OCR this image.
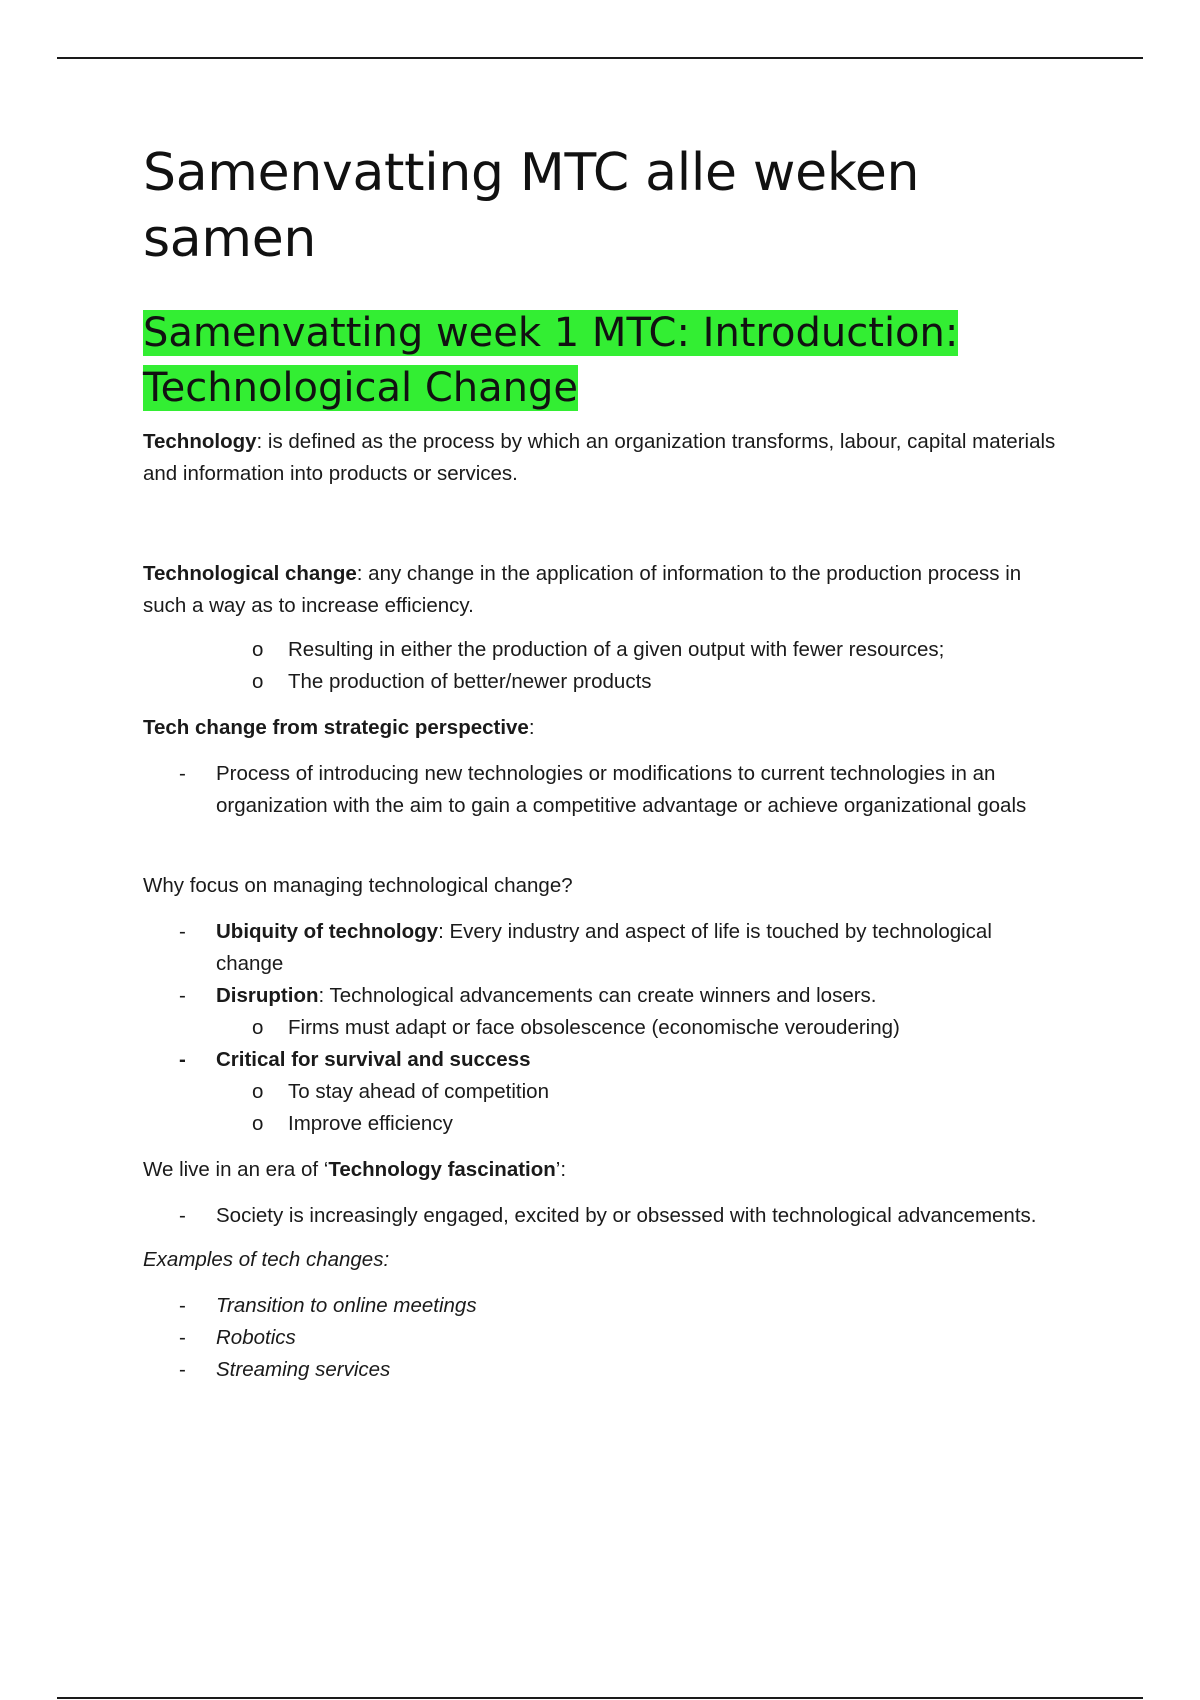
Samenvatting MTC alle weken samen
Samenvatting week 1 MTC: Introduction: Technological Change

Technology: is defined as the process by which an organization transforms, labour, capital materials and information into products or services.

Technological change: any change in the application of information to the production process in such a way as to increase efficiency.

o Resulting in either the production of a given output with fewer resources;
o The production of better/newer products

Tech change from strategic perspective:

- Process of introducing new technologies or modifications to current technologies in an organization with the aim to gain a competitive advantage or achieve organizational goals

Why focus on managing technological change?

- Ubiquity of technology: Every industry and aspect of life is touched by technological change
- Disruption: Technological advancements can create winners and losers.
o Firms must adapt or face obsolescence (economische veroudering)
- Critical for survival and success
o To stay ahead of competition
o Improve efficiency

We live in an era of ‘Technology fascination’:

- Society is increasingly engaged, excited by or obsessed with technological advancements.

Examples of tech changes:

- Transition to online meetings
- Robotics
- Streaming services
